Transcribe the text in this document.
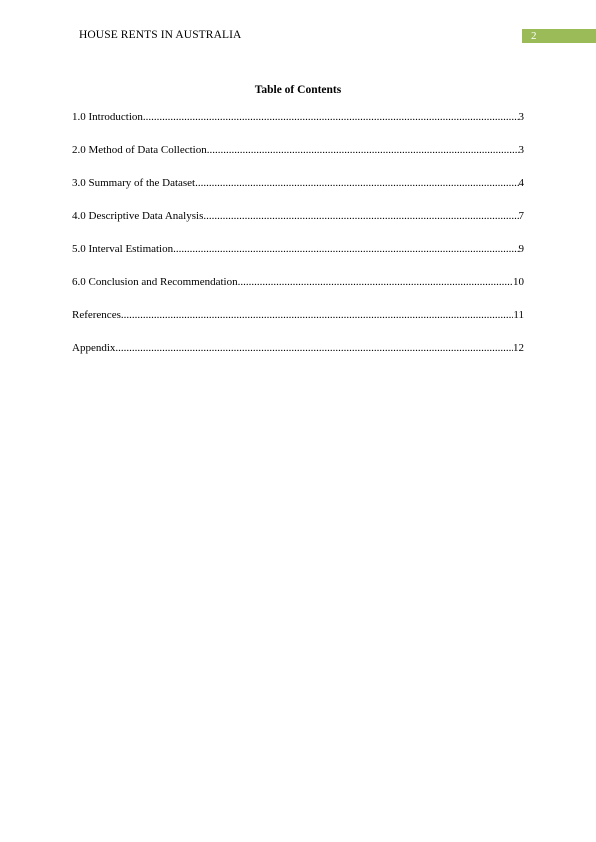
HOUSE RENTS IN AUSTRALIA	2
Table of Contents
1.0 Introduction .....	3
2.0 Method of Data Collection .....	3
3.0 Summary of the Dataset .....	4
4.0 Descriptive Data Analysis .....	7
5.0 Interval Estimation .....	9
6.0 Conclusion and Recommendation .....	10
References .....	11
Appendix .....	12
